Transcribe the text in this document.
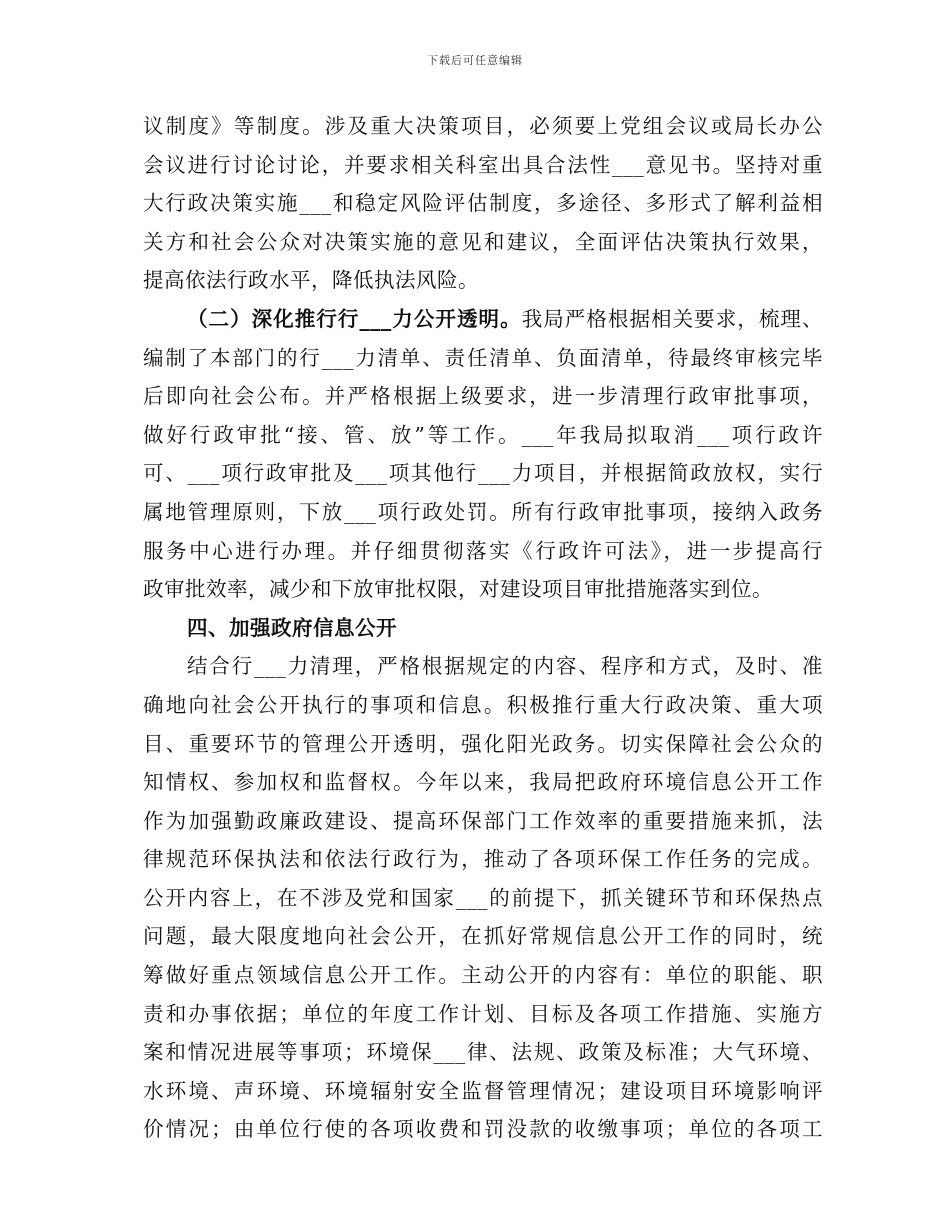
下载后可任意编辑
议制度》等制度。涉及重大决策项目，必须要上党组会议或局长办公
会议进行讨论讨论，并要求相关科室出具合法性___意见书。坚持对重
大行政决策实施___和稳定风险评估制度，多途径、多形式了解利益相
关方和社会公众对决策实施的意见和建议，全面评估决策执行效果，
提高依法行政水平，降低执法风险。
（二）深化推行行___力公开透明。我局严格根据相关要求，梳理、
编制了本部门的行___力清单、责任清单、负面清单，待最终审核完毕
后即向社会公布。并严格根据上级要求，进一步清理行政审批事项，
做好行政审批“接、管、放”等工作。___年我局拟取消___项行政许
可、___项行政审批及___项其他行___力项目，并根据简政放权，实行
属地管理原则，下放___项行政处罚。所有行政审批事项，接纳入政务
服务中心进行办理。并仔细贯彻落实《行政许可法》，进一步提高行
政审批效率，减少和下放审批权限，对建设项目审批措施落实到位。
四、加强政府信息公开
结合行___力清理，严格根据规定的内容、程序和方式，及时、准
确地向社会公开执行的事项和信息。积极推行重大行政决策、重大项
目、重要环节的管理公开透明，强化阳光政务。切实保障社会公众的
知情权、参加权和监督权。今年以来，我局把政府环境信息公开工作
作为加强勤政廉政建设、提高环保部门工作效率的重要措施来抓，法
律规范环保执法和依法行政行为，推动了各项环保工作任务的完成。
公开内容上，在不涉及党和国家___的前提下，抓关键环节和环保热点
问题，最大限度地向社会公开，在抓好常规信息公开工作的同时，统
筹做好重点领域信息公开工作。主动公开的内容有：单位的职能、职
责和办事依据；单位的年度工作计划、目标及各项工作措施、实施方
案和情况进展等事项；环境保___律、法规、政策及标准；大气环境、
水环境、声环境、环境辐射安全监督管理情况；建设项目环境影响评
价情况；由单位行使的各项收费和罚没款的收缴事项；单位的各项工
